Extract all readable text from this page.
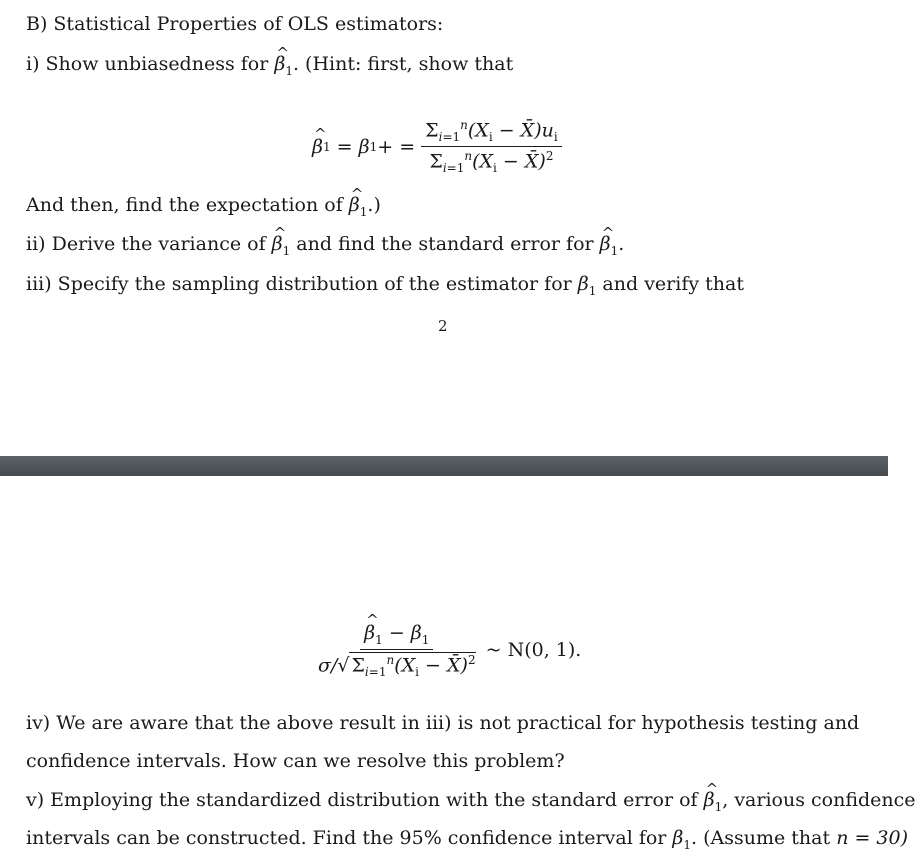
B) Statistical Properties of OLS estimators:
i) Show unbiasedness for ^ $\beta_1$. (Hint: first, show that
^ β 1
= β 1 + = $\frac{\Sigma_{i=1}^n(X_i - X̄)u_i}{\Sigma_{i=1}^n(X_i - X̄)^2}$
And then, find the expectation of ^ $\beta_1$.)
ii) Derive the variance of ^ $\beta_1$ and find the standard error for ^ $\beta_1$.
iii) Specify the sampling distribution of the estimator for $\beta_1$ and verify that
2
^ $\frac{\beta_1 - \beta_1}{\sigma/√ \Sigma_{i=1}^n(X_i - X̄)^2}$
~ N(0, 1).
iv) We are aware that the above result in iii) is not practical for hypothesis testing and
confidence intervals. How can we resolve this problem?
v) Employing the standardized distribution with the standard error of ^ $\beta_1$, various confidence
intervals can be constructed. Find the 95% confidence interval for $\beta_1$. (Assume that n = 30)
